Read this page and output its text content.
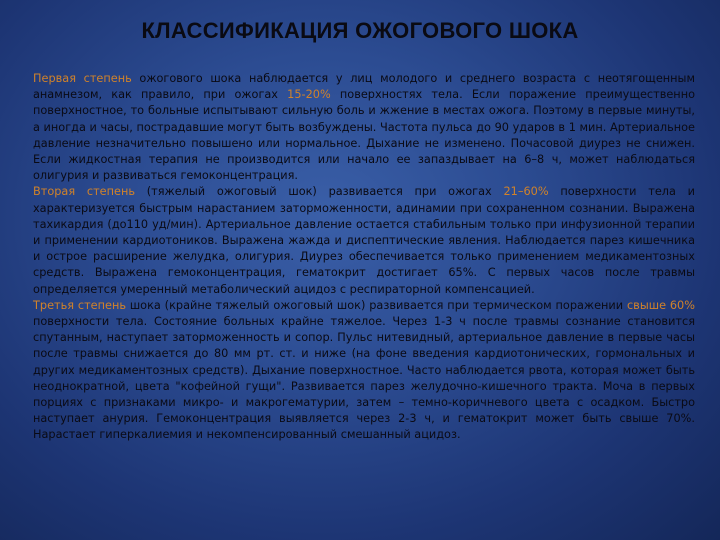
КЛАССИФИКАЦИЯ ОЖОГОВОГО ШОКА

Первая степень ожогового шока наблюдается у лиц молодого и среднего возраста с неотягощенным анамнезом, как правило, при ожогах 15-20% поверхностях тела. Если поражение преимущественно поверхностное, то больные испытывают сильную боль и жжение в местах ожога. Поэтому в первые минуты, а иногда и часы, пострадавшие могут быть возбуждены. Частота пульса до 90 ударов в 1 мин. Артериальное давление незначительно повышено или нормальное. Дыхание не изменено. Почасовой диурез не снижен. Если жидкостная терапия не производится или начало ее запаздывает на 6–8 ч, может наблюдаться олигурия и развиваться гемоконцентрация.

Вторая степень (тяжелый ожоговый шок) развивается при ожогах 21–60% поверхности тела и характеризуется быстрым нарастанием заторможенности, адинамии при сохраненном сознании. Выражена тахикардия (до110 уд/мин). Артериальное давление остается стабильным только при инфузионной терапии и применении кардиотоников. Выражена жажда и диспептические явления. Наблюдается парез кишечника и острое расширение желудка, олигурия. Диурез обеспечивается только применением медикаментозных средств. Выражена гемоконцентрация, гематокрит достигает 65%. С первых часов после травмы определяется умеренный метаболический ацидоз с респираторной компенсацией.

Третья степень шока (крайне тяжелый ожоговый шок) развивается при термическом поражении свыше 60% поверхности тела. Состояние больных крайне тяжелое. Через 1-3 ч после травмы сознание становится спутанным, наступает заторможенность и сопор. Пульс нитевидный, артериальное давление в первые часы после травмы снижается до 80 мм рт. ст. и ниже (на фоне введения кардиотонических, гормональных и других медикаментозных средств). Дыхание поверхностное. Часто наблюдается рвота, которая может быть неоднократной, цвета "кофейной гущи". Развивается парез желудочно-кишечного тракта. Моча в первых порциях с признаками микро- и макрогематурии, затем – темно-коричневого цвета с осадком. Быстро наступает анурия. Гемоконцентрация выявляется через 2-3 ч, и гематокрит может быть свыше 70%. Нарастает гиперкалиемия и некомпенсированный смешанный ацидоз.
